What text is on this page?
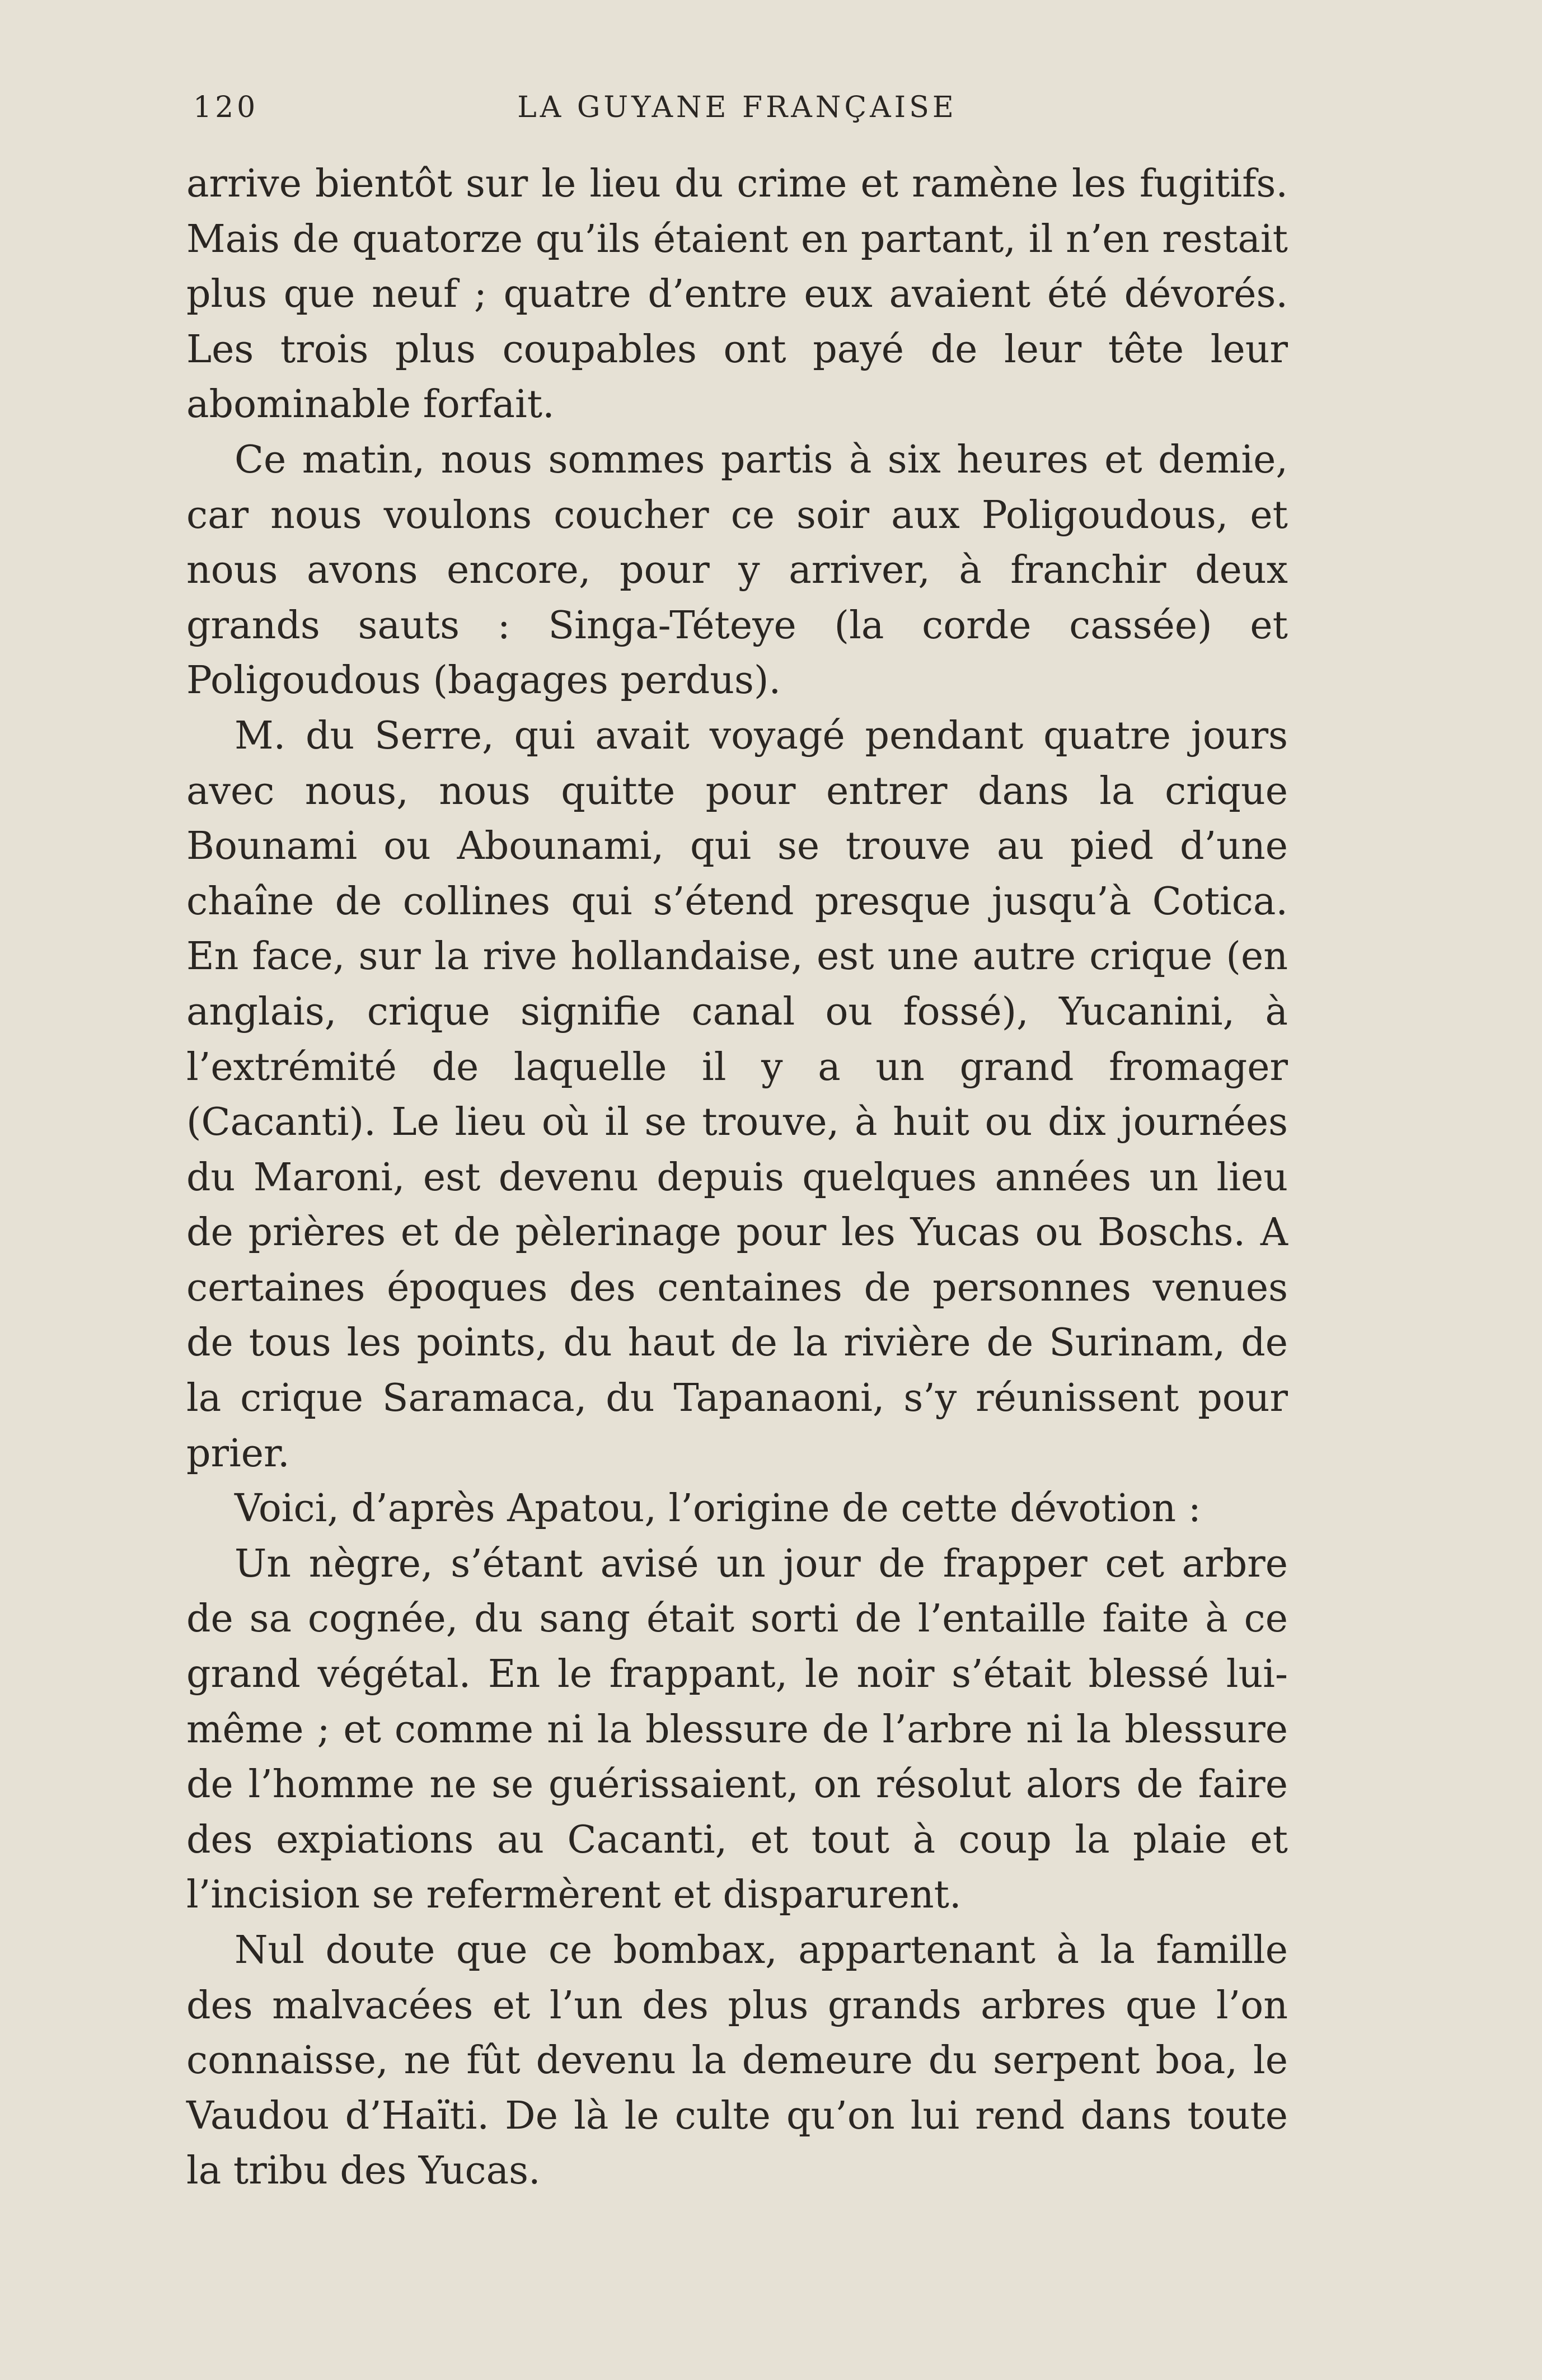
120	LA GUYANE FRANÇAISE

arrive bientôt sur le lieu du crime et ramène les fugitifs. Mais de quatorze qu’ils étaient en partant, il n’en restait plus que neuf ; quatre d’entre eux avaient été dévorés. Les trois plus coupables ont payé de leur tête leur abominable forfait.

Ce matin, nous sommes partis à six heures et demie, car nous voulons coucher ce soir aux Poligoudous, et nous avons encore, pour y arriver, à franchir deux grands sauts : Singa-Téteye (la corde cassée) et Poligoudous (bagages perdus).

M. du Serre, qui avait voyagé pendant quatre jours avec nous, nous quitte pour entrer dans la crique Bounami ou Abounami, qui se trouve au pied d’une chaîne de collines qui s’étend presque jusqu’à Cotica. En face, sur la rive hollandaise, est une autre crique (en anglais, crique signifie canal ou fossé), Yucanini, à l’extrémité de laquelle il y a un grand fromager (Cacanti). Le lieu où il se trouve, à huit ou dix journées du Maroni, est devenu depuis quelques années un lieu de prières et de pèlerinage pour les Yucas ou Boschs. A certaines époques des centaines de personnes venues de tous les points, du haut de la rivière de Surinam, de la crique Saramaca, du Tapanaoni, s’y réunissent pour prier.

Voici, d’après Apatou, l’origine de cette dévotion :

Un nègre, s’étant avisé un jour de frapper cet arbre de sa cognée, du sang était sorti de l’entaille faite à ce grand végétal. En le frappant, le noir s’était blessé lui-même ; et comme ni la blessure de l’arbre ni la blessure de l’homme ne se guérissaient, on résolut alors de faire des expiations au Cacanti, et tout à coup la plaie et l’incision se refermèrent et disparurent.

Nul doute que ce bombax, appartenant à la famille des malvacées et l’un des plus grands arbres que l’on connaisse, ne fût devenu la demeure du serpent boa, le Vaudou d’Haïti. De là le culte qu’on lui rend dans toute la tribu des Yucas.
